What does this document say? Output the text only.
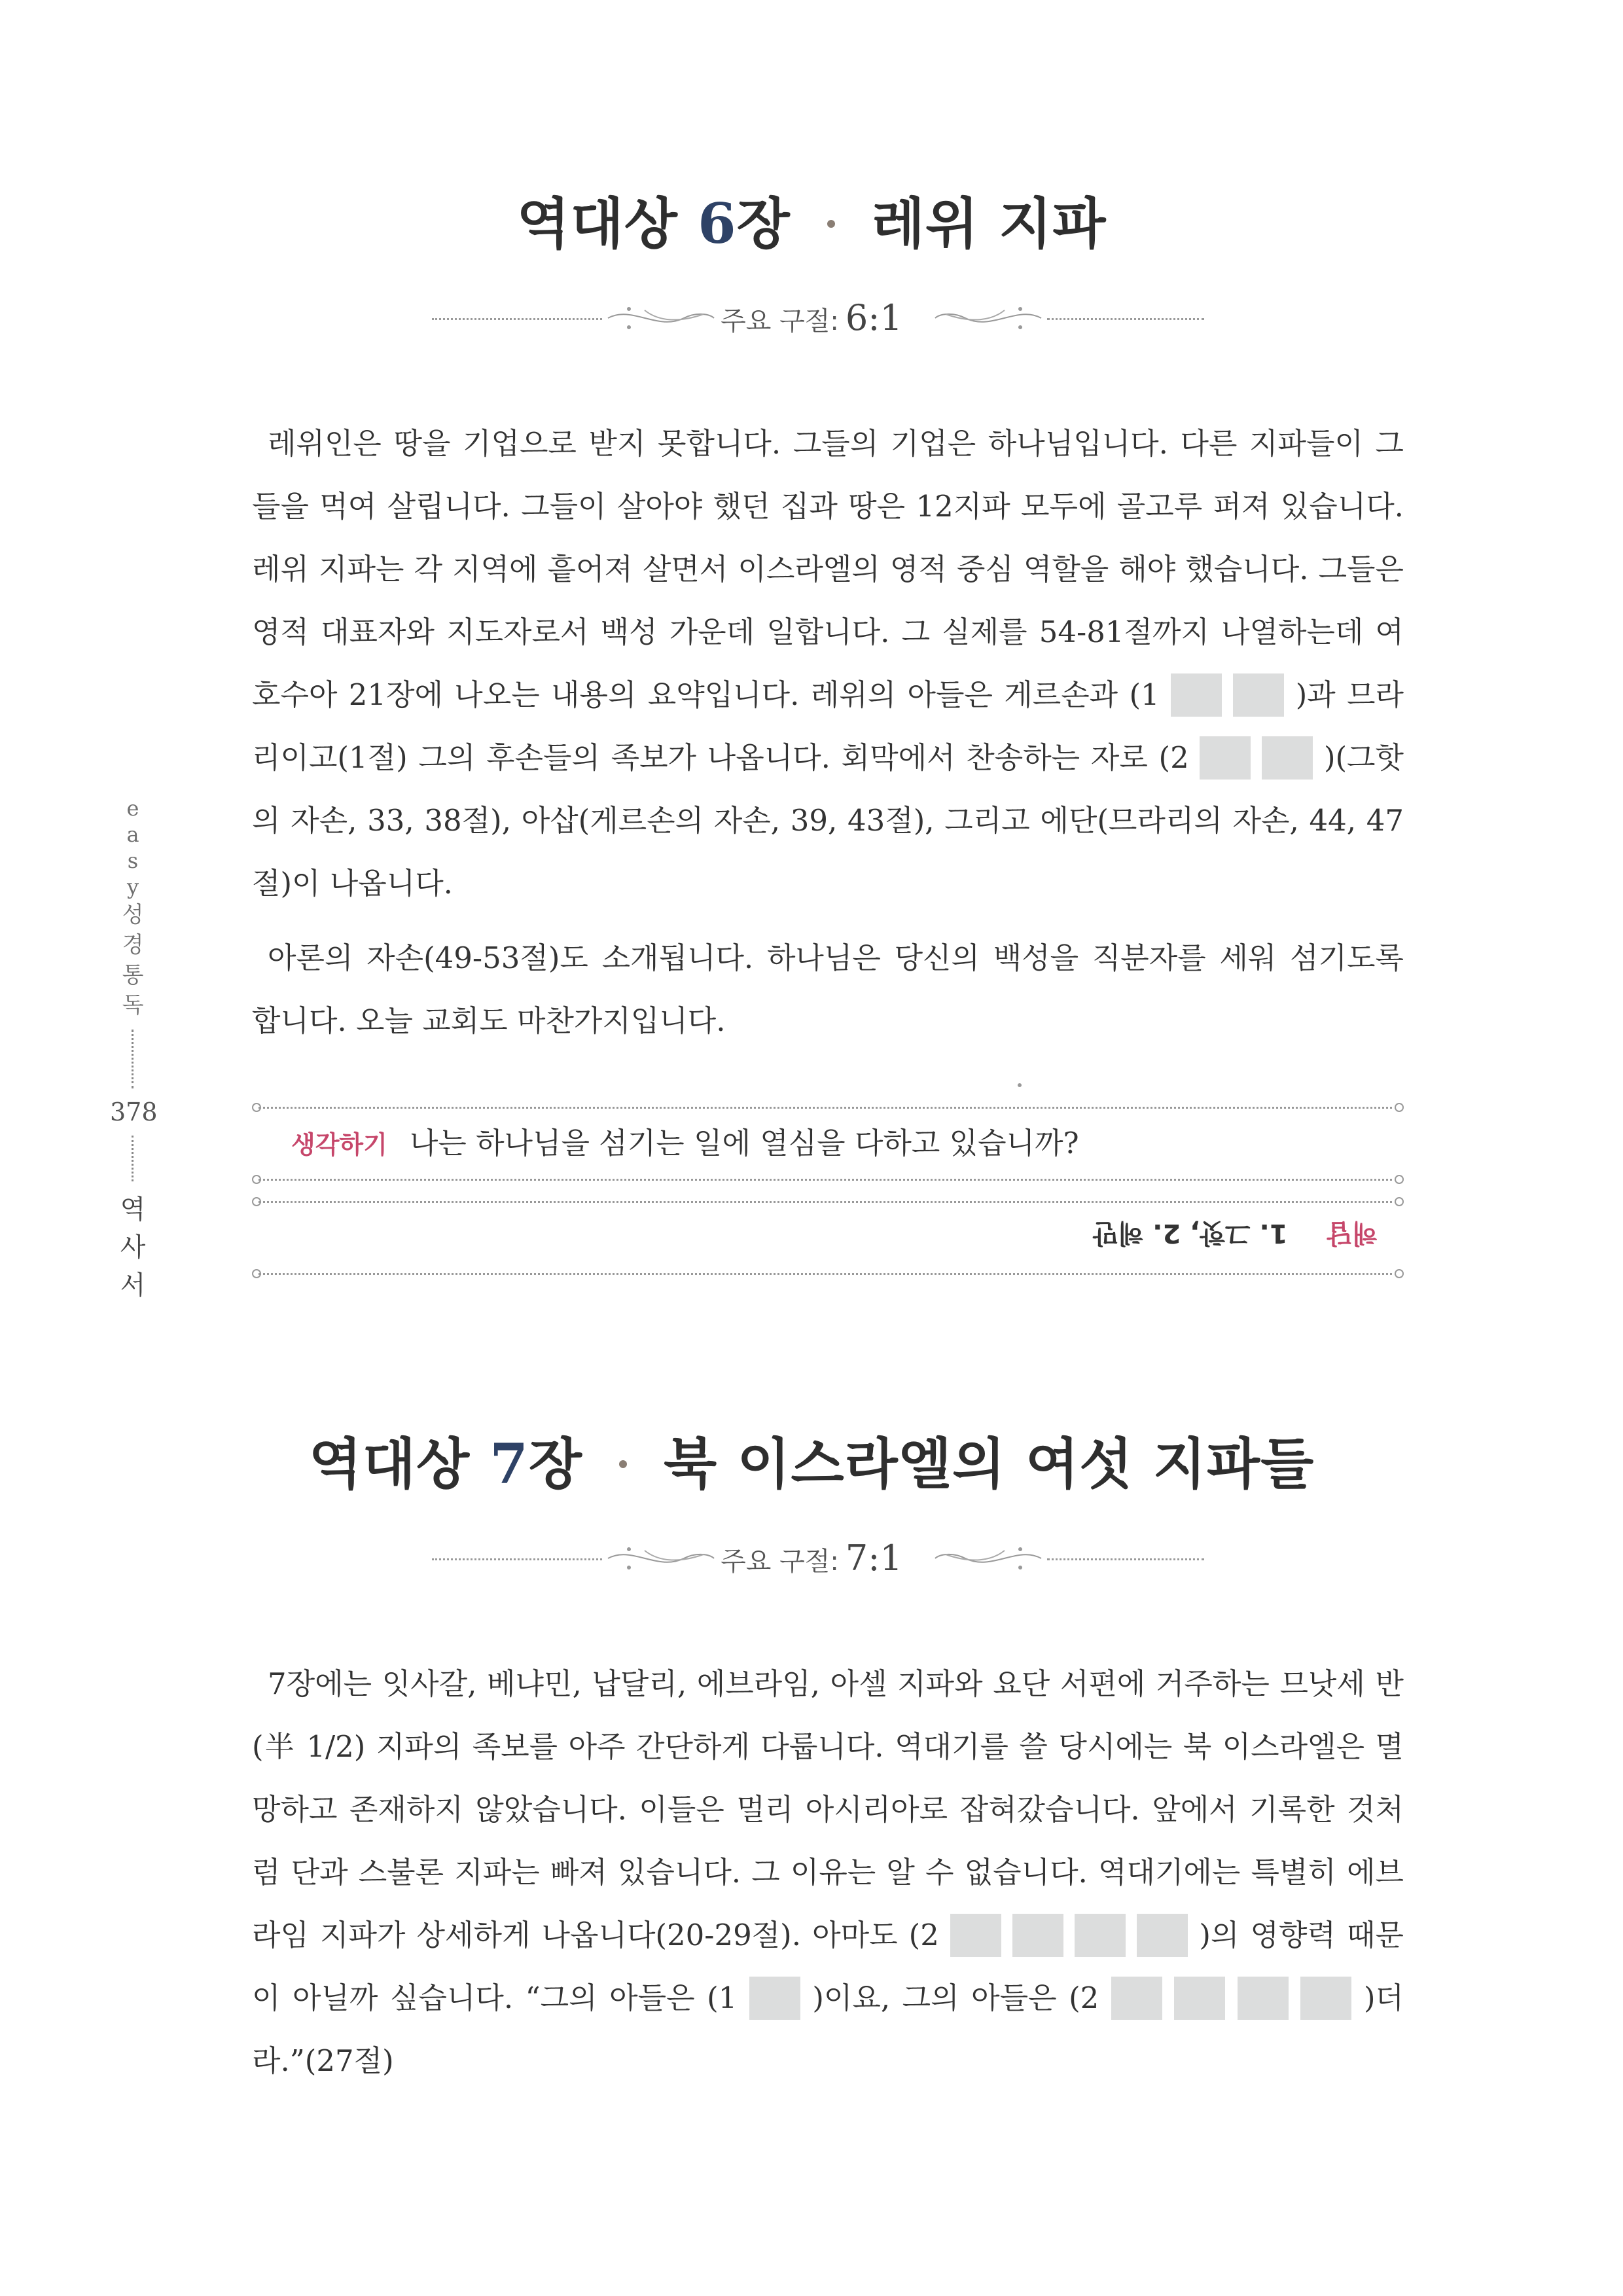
e
a
s
y
성
경
통
독
378
역
사
서
역대상 6장 레위 지파
주요 구절: 6:1

레위인은 땅을 기업으로 받지 못합니다. 그들의 기업은 하나님입니다. 다른 지파들이 그들을 먹여 살립니다. 그들이 살아야 했던 집과 땅은 12지파 모두에 골고루 퍼져 있습니다. 레위 지파는 각 지역에 흩어져 살면서 이스라엘의 영적 중심 역할을 해야 했습니다. 그들은 영적 대표자와 지도자로서 백성 가운데 일합니다. 그 실제를 54-81절까지 나열하는데 여호수아 21장에 나오는 내용의 요약입니다. 레위의 아들은 게르손과 (1	)과 므라리이고(1절) 그의 후손들의 족보가 나옵니다. 회막에서 찬송하는 자로 (2	)(그핫의 자손, 33, 38절), 아삽(게르손의 자손, 39, 43절), 그리고 에단(므라리의 자손, 44, 47절)이 나옵니다.

아론의 자손(49-53절)도 소개됩니다. 하나님은 당신의 백성을 직분자를 세워 섬기도록 합니다. 오늘 교회도 마찬가지입니다.

생각하기 나는 하나님을 섬기는 일에 열심을 다하고 있습니까?
해답1. 그핫, 2. 헤만
역대상 7장 북 이스라엘의 여섯 지파들
주요 구절: 7:1

7장에는 잇사갈, 베냐민, 납달리, 에브라임, 아셀 지파와 요단 서편에 거주하는 므낫세 반(半 1/2) 지파의 족보를 아주 간단하게 다룹니다. 역대기를 쓸 당시에는 북 이스라엘은 멸망하고 존재하지 않았습니다. 이들은 멀리 아시리아로 잡혀갔습니다. 앞에서 기록한 것처럼 단과 스불론 지파는 빠져 있습니다. 그 이유는 알 수 없습니다. 역대기에는 특별히 에브라임 지파가 상세하게 나옵니다(20-29절). 아마도 (2	)의 영향력 때문이 아닐까 싶습니다. “그의 아들은 (1  )이요, 그의 아들은 (2	)더라.”(27절)
